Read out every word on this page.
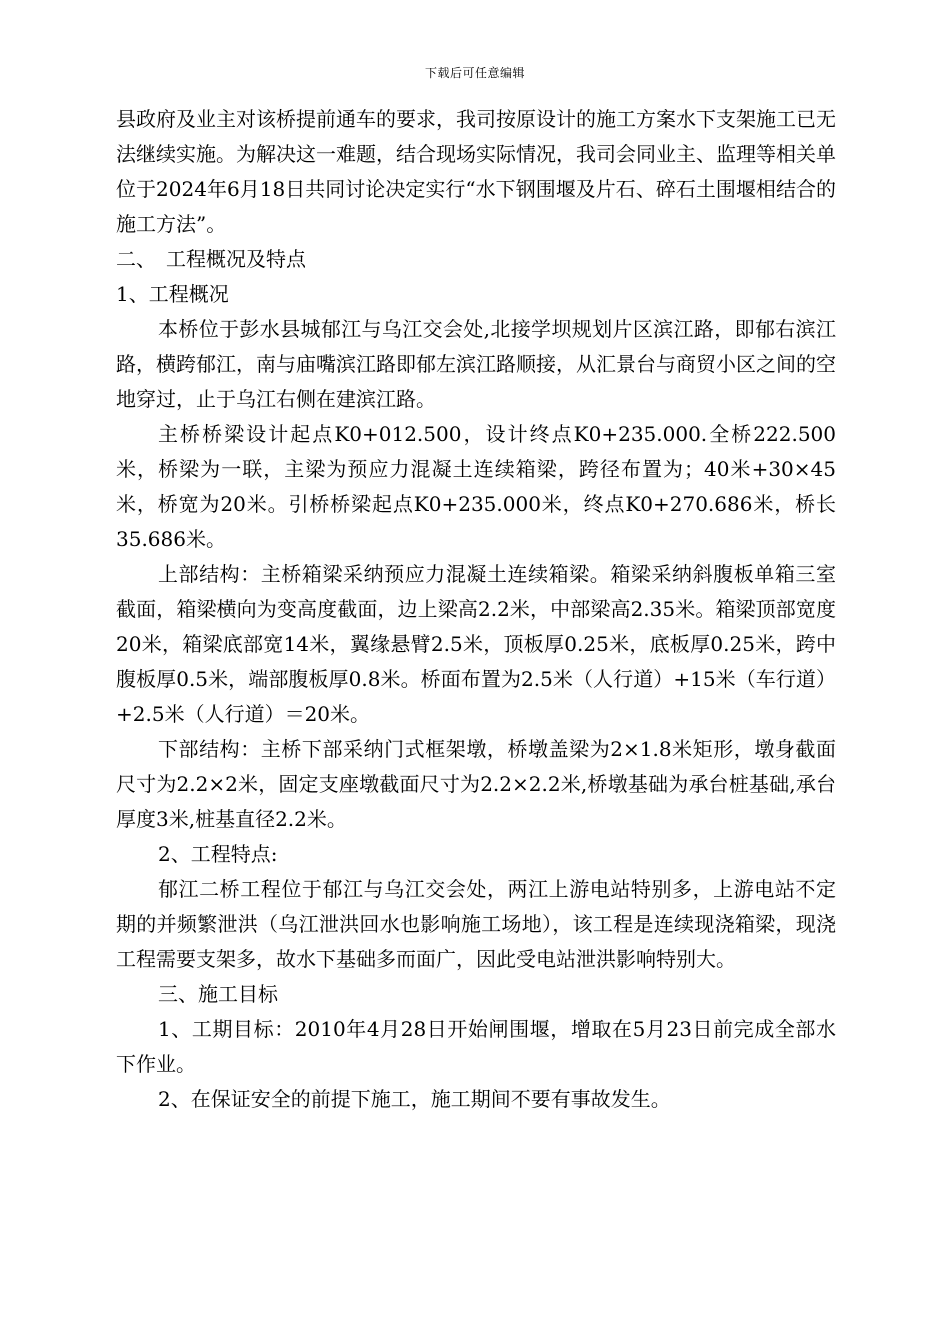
下载后可任意编辑

县政府及业主对该桥提前通车的要求，我司按原设计的施工方案水下支架施工已无法继续实施。为解决这一难题，结合现场实际情况，我司会同业主、监理等相关单位于2024年6月18日共同讨论决定实行“水下钢围堰及片石、碎石土围堰相结合的施工方法”。

二、　工程概况及特点

1、工程概况

本桥位于彭水县城郁江与乌江交会处,北接学坝规划片区滨江路，即郁右滨江路，横跨郁江，南与庙嘴滨江路即郁左滨江路顺接，从汇景台与商贸小区之间的空地穿过，止于乌江右侧在建滨江路。

主桥桥梁设计起点K0+012.500，设计终点K0+235.000.全桥222.500米，桥梁为一联，主梁为预应力混凝土连续箱梁，跨径布置为；40米+30×45米，桥宽为20米。引桥桥梁起点K0+235.000米，终点K0+270.686米，桥长35.686米。

上部结构：主桥箱梁采纳预应力混凝土连续箱梁。箱梁采纳斜腹板单箱三室截面，箱梁横向为变高度截面，边上梁高2.2米，中部梁高2.35米。箱梁顶部宽度20米，箱梁底部宽14米，翼缘悬臂2.5米，顶板厚0.25米，底板厚0.25米，跨中腹板厚0.5米，端部腹板厚0.8米。桥面布置为2.5米（人行道）+15米（车行道）+2.5米（人行道）＝20米。

下部结构：主桥下部采纳门式框架墩，桥墩盖梁为2×1.8米矩形，墩身截面尺寸为2.2×2米，固定支座墩截面尺寸为2.2×2.2米,桥墩基础为承台桩基础,承台厚度3米,桩基直径2.2米。

2、工程特点:

郁江二桥工程位于郁江与乌江交会处，两江上游电站特别多，上游电站不定期的并频繁泄洪（乌江泄洪回水也影响施工场地），该工程是连续现浇箱梁，现浇工程需要支架多，故水下基础多而面广，因此受电站泄洪影响特别大。

三、施工目标

1、工期目标：2010年4月28日开始闸围堰，增取在5月23日前完成全部水下作业。

2、在保证安全的前提下施工，施工期间不要有事故发生。
